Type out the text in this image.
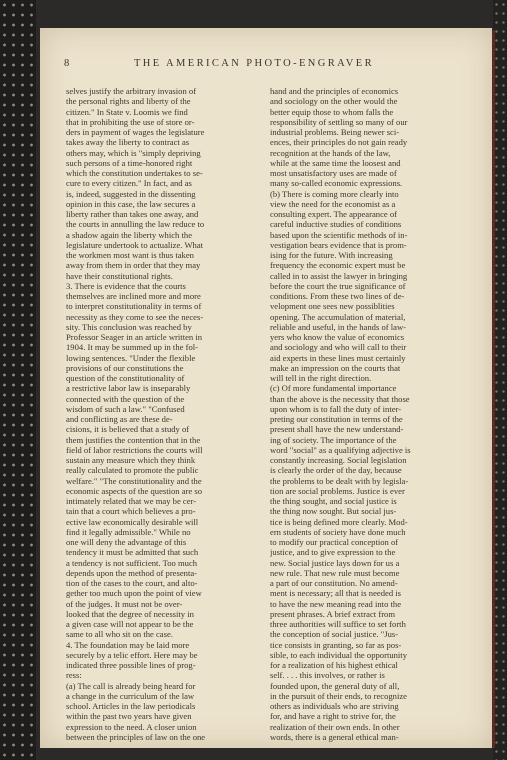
8	THE AMERICAN PHOTO-ENGRAVER
selves justify the arbitrary invasion of
the personal rights and liberty of the
citizen." In State v. Loomis we find
that in prohibiting the use of store or-
ders in payment of wages the legislature
takes away the liberty to contract as
others may, which is "simply depriving
such persons of a time-honored right
which the constitution undertakes to se-
cure to every citizen." In fact, and as
is, indeed, suggested in the dissenting
opinion in this case, the law secures a
liberty rather than takes one away, and
the courts in annulling the law reduce to
a shadow again the liberty which the
legislature undertook to actualize. What
the workmen most want is thus taken
away from them in order that they may
have their constitutional rights.
3. There is evidence that the courts
themselves are inclined more and more
to interpret constitutionality in terms of
necessity as they come to see the neces-
sity. This conclusion was reached by
Professor Seager in an article written in
1904. It may be summed up in the fol-
lowing sentences. "Under the flexible
provisions of our constitutions the
question of the constitutionality of
a restrictive labor law is inseparably
connected with the question of the
wisdom of such a law." "Confused
and conflicting as are these de-
cisions, it is believed that a study of
them justifies the contention that in the
field of labor restrictions the courts will
sustain any measure which they think
really calculated to promote the public
welfare." "The constitutionality and the
economic aspects of the question are so
intimately related that we may be cer-
tain that a court which believes a pro-
ective law economically desirable will
find it legally admissible." While no
one will deny the advantage of this
tendency it must be admitted that such
a tendency is not sufficient. Too much
depends upon the method of presenta-
tion of the cases to the court, and alto-
gether too much upon the point of view
of the judges. It must not be over-
looked that the degree of necessity in
a given case will not appear to be the
same to all who sit on the case.
4. The foundation may be laid more
securely by a telic effort. Here may be
indicated three possible lines of prog-
ress:
(a) The call is already being heard for
a change in the curriculum of the law
school. Articles in the law periodicals
within the past two years have given
expression to the need. A closer union
between the principles of law on the one
hand and the principles of economics
and sociology on the other would the
better equip those to whom falls the
responsibility of settling so many of our
industrial problems. Being newer sci-
ences, their principles do not gain ready
recognition at the hands of the law,
while at the same time the loosest and
most unsatisfactory uses are made of
many so-called economic expressions.
(b) There is coming more clearly into
view the need for the economist as a
consulting expert. The appearance of
careful inductive studies of conditions
based upon the scientific methods of in-
vestigation bears evidence that is prom-
ising for the future. With increasing
frequency the economic expert must be
called in to assist the lawyer in bringing
before the court the true significance of
conditions. From these two lines of de-
velopment one sees new possiblities
opening. The accumulation of material,
reliable and useful, in the hands of law-
yers who know the value of economics
and sociology and who will call to their
aid experts in these lines must certainly
make an impression on the courts that
will tell in the right direction.
(c) Of more fundamental importance
than the above is the necessity that those
upon whom is to fall the duty of inter-
preting our constitution in terms of the
present shall have the new understand-
ing of society. The importance of the
word "social" as a qualifying adjective is
constantly increasing. Social legislation
is clearly the order of the day, because
the problems to be dealt with by legisla-
tion are social problems. Justice is ever
the thing sought, and social justice is
the thing now sought. But social jus-
tice is being defined more clearly. Mod-
ern students of society have done much
to modify our practical conception of
justice, and to give expression to the
new. Social justice lays down for us a
new rule. That new rule must become
a part of our constitution. No amend-
ment is necessary; all that is needed is
to have the new meaning read into the
present phrases. A brief extract from
three authorities will suffice to set forth
the conception of social justice. "Jus-
tice consists in granting, so far as pos-
sible, to each individual the opportunity
for a realization of his highest ethical
self. . . . this involves, or rather is
founded upon, the general duty of all,
in the pursuit of their ends, to recognize
others as individuals who are striving
for, and have a right to strive for, the
realization of their own ends. In other
words, there is a general ethical man-
